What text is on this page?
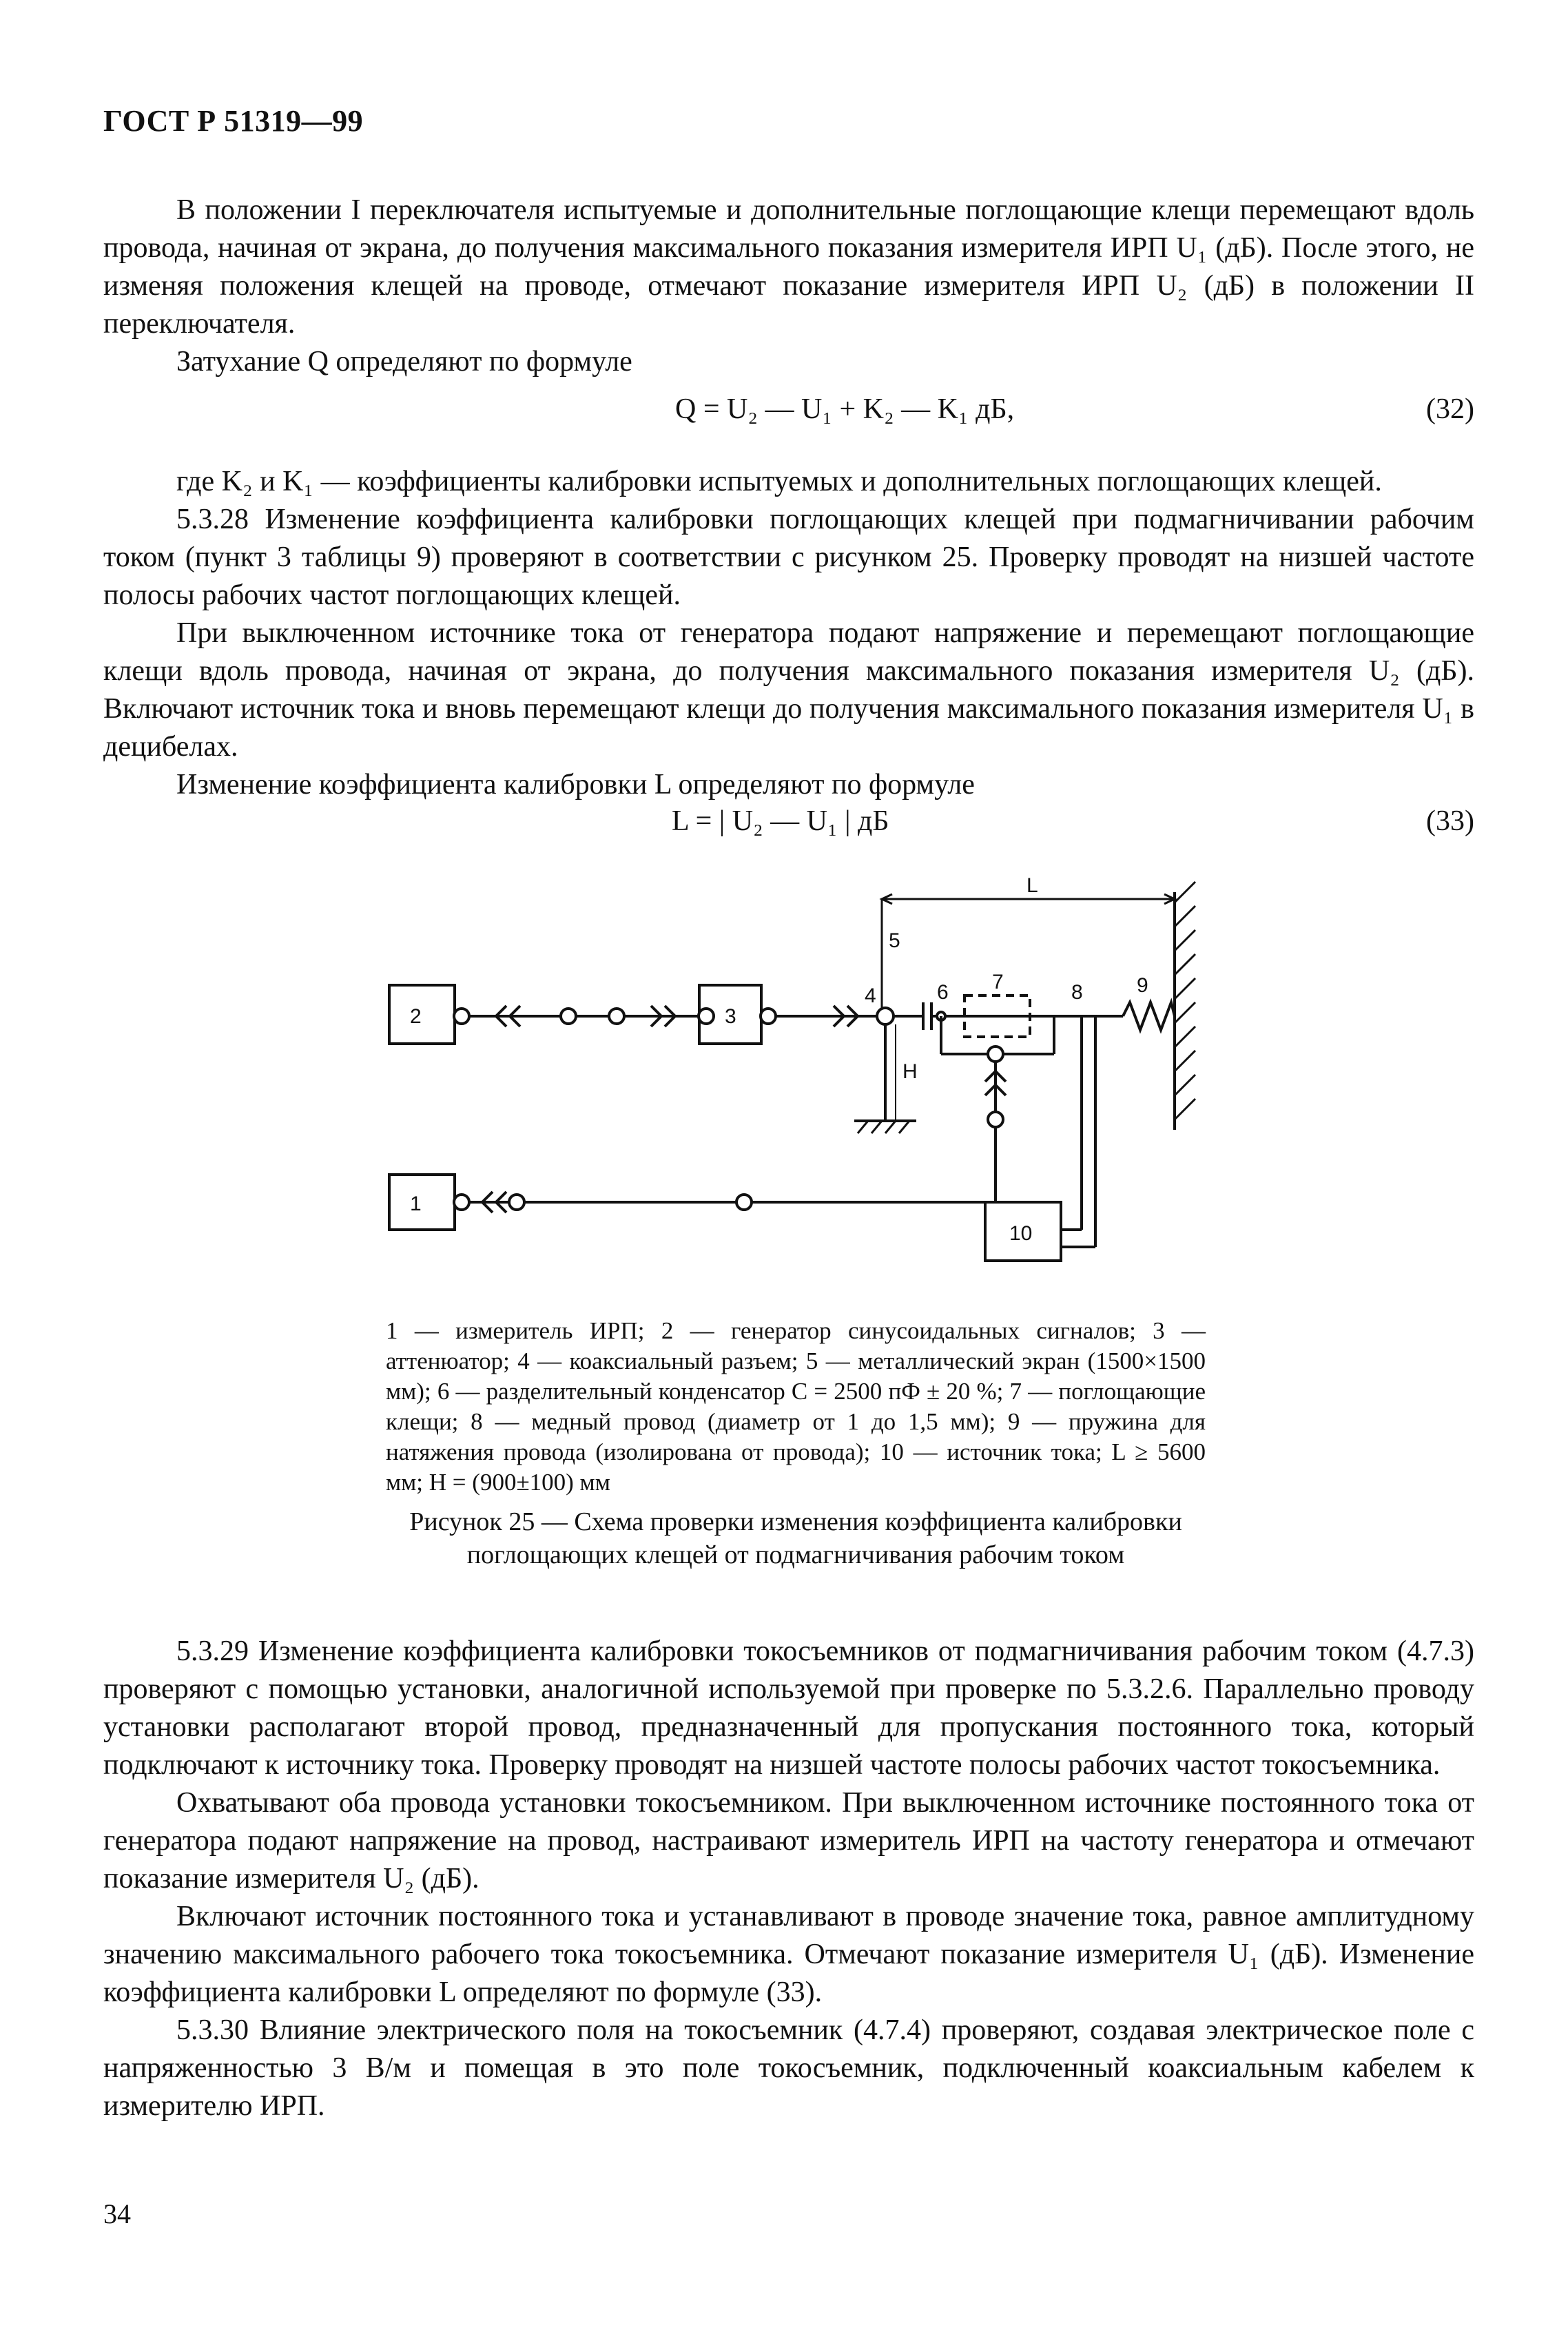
ГОСТ Р 51319—99

В положении I переключателя испытуемые и дополнительные поглощающие клещи перемещают вдоль провода, начиная от экрана, до получения максимального показания измерителя ИРП U₁ (дБ). После этого, не изменяя положения клещей на проводе, отмечают показание измерителя ИРП U₂ (дБ) в положении II переключателя.

Затухание Q определяют по формуле

Q = U₂ — U₁ + K₂ — K₁ дБ,	(32)

где K₂ и K₁ — коэффициенты калибровки испытуемых и дополнительных поглощающих клещей.

5.3.28 Изменение коэффициента калибровки поглощающих клещей при подмагничивании рабочим током (пункт 3 таблицы 9) проверяют в соответствии с рисунком 25. Проверку проводят на низшей частоте полосы рабочих частот поглощающих клещей.

При выключенном источнике тока от генератора подают напряжение и перемещают поглощающие клещи вдоль провода, начиная от экрана, до получения максимального показания измерителя U₂ (дБ). Включают источник тока и вновь перемещают клещи до получения максимального показания измерителя U₁ в децибелах.

Изменение коэффициента калибровки L определяют по формуле

L = | U₂ — U₁ | дБ	(33)
2	3
1
10
4
5
6 7	8	9
L
H
1 — измеритель ИРП; 2 — генератор синусоидальных сигналов; 3 — аттенюатор; 4 — коаксиальный разъем; 5 — металлический экран (1500×1500 мм); 6 — разделительный конденсатор C = 2500 пФ ± 20 %; 7 — поглощающие клещи; 8 — медный провод (диаметр от 1 до 1,5 мм); 9 — пружина для натяжения провода (изолирована от провода); 10 — источник тока; L ≥ 5600 мм; H = (900±100) мм
Рисунок 25 — Схема проверки изменения коэффициента калибровки поглощающих клещей от подмагничивания рабочим током

5.3.29 Изменение коэффициента калибровки токосъемников от подмагничивания рабочим током (4.7.3) проверяют с помощью установки, аналогичной используемой при проверке по 5.3.2.6. Параллельно проводу установки располагают второй провод, предназначенный для пропускания постоянного тока, который подключают к источнику тока. Проверку проводят на низшей частоте полосы рабочих частот токосъемника.

Охватывают оба провода установки токосъемником. При выключенном источнике постоянного тока от генератора подают напряжение на провод, настраивают измеритель ИРП на частоту генератора и отмечают показание измерителя U₂ (дБ).

Включают источник постоянного тока и устанавливают в проводе значение тока, равное амплитудному значению максимального рабочего тока токосъемника. Отмечают показание измерителя U₁ (дБ). Изменение коэффициента калибровки L определяют по формуле (33).

5.3.30 Влияние электрического поля на токосъемник (4.7.4) проверяют, создавая электрическое поле с напряженностью 3 В/м и помещая в это поле токосъемник, подключенный коаксиальным кабелем к измерителю ИРП.

34
